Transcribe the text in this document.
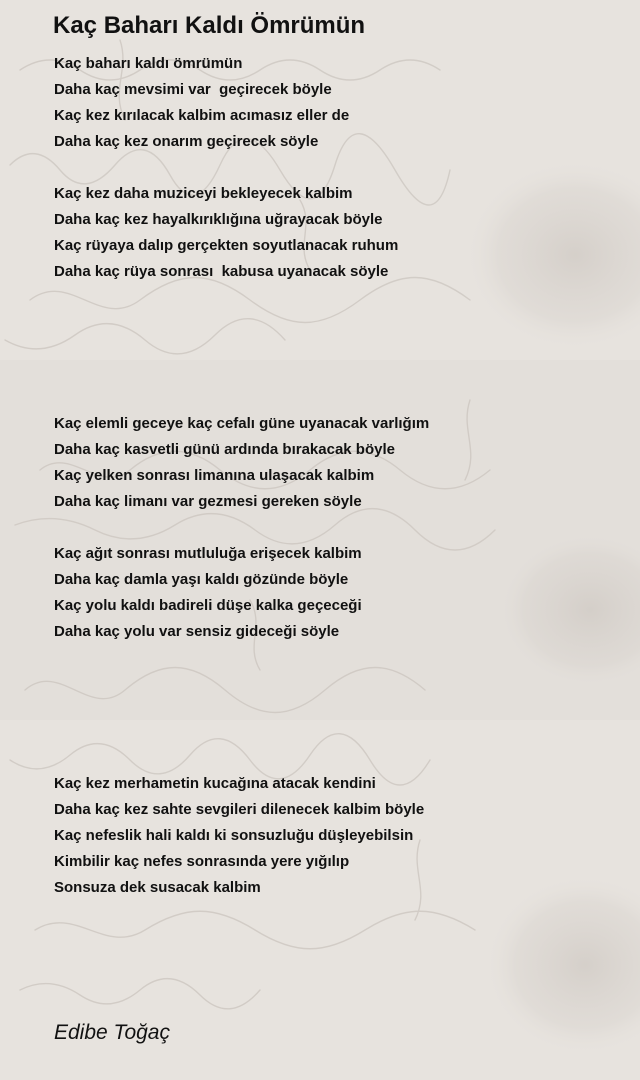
Kaç Baharı Kaldı Ömrümün
Kaç baharı kaldı ömrümün
Daha kaç mevsimi var  geçirecek böyle
Kaç kez kırılacak kalbim acımasız eller de
Daha kaç kez onarım geçirecek söyle
Kaç kez daha muziceyi bekleyecek kalbim
Daha kaç kez hayalkırıklığına uğrayacak böyle
Kaç rüyaya dalıp gerçekten soyutlanacak ruhum
Daha kaç rüya sonrası  kabusa uyanacak söyle
Kaç elemli geceye kaç cefalı güne uyanacak varlığım
Daha kaç kasvetli günü ardında bırakacak böyle
Kaç yelken sonrası limanına ulaşacak kalbim
Daha kaç limanı var gezmesi gereken söyle
Kaç ağıt sonrası mutluluğa erişecek kalbim
Daha kaç damla yaşı kaldı gözünde böyle
Kaç yolu kaldı badireli düşe kalka geçeceği
Daha kaç yolu var sensiz gideceği söyle
Kaç kez merhametin kucağına atacak kendini
Daha kaç kez sahte sevgileri dilenecek kalbim böyle
Kaç nefeslik hali kaldı ki sonsuzluğu düşleyebilsin
Kimbilir kaç nefes sonrasında yere yığılıp
Sonsuza dek susacak kalbim
Edibe Toğaç
